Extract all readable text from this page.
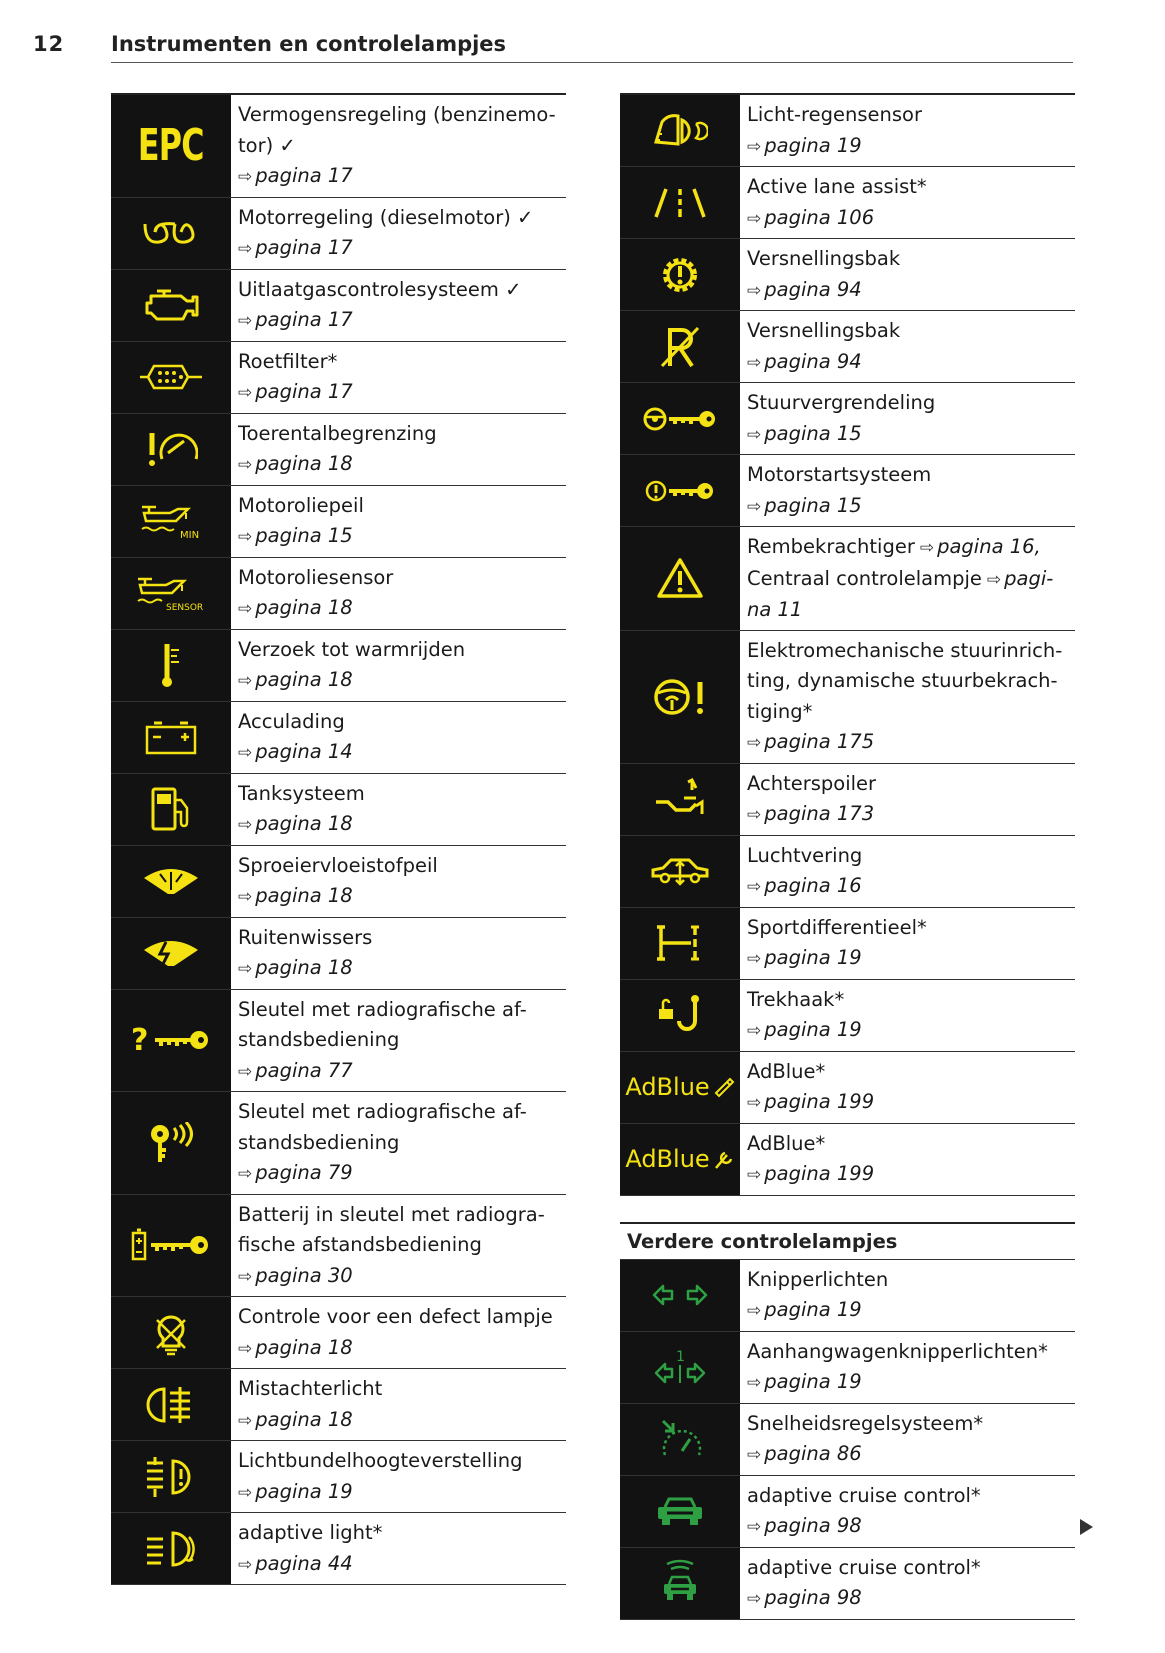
12 Instrumenten en controlelampjes
EPC
Vermogensregeling (benzinemo-
tor) ✓
⇨ pagina 17
Motorregeling (dieselmotor) ✓
⇨ pagina 17
Uitlaatgascontrolesysteem ✓
⇨ pagina 17
Roetfilter*
⇨ pagina 17
Toerentalbegrenzing
⇨ pagina 18
MIN
Motoroliepeil
⇨ pagina 15
SENSOR
Motoroliesensor
⇨ pagina 18
Verzoek tot warmrijden
⇨ pagina 18
Acculading
⇨ pagina 14
Tanksysteem
⇨ pagina 18
Sproeiervloeistofpeil
⇨ pagina 18
Ruitenwissers
⇨ pagina 18
?
Sleutel met radiografische af-
standsbediening
⇨ pagina 77
Sleutel met radiografische af-
standsbediening
⇨ pagina 79
Batterij in sleutel met radiogra-
fische afstandsbediening
⇨ pagina 30
Controle voor een defect lampje
⇨ pagina 18
Mistachterlicht
⇨ pagina 18
Lichtbundelhoogteverstelling
⇨ pagina 19
adaptive light*
⇨ pagina 44
Licht-regensensor
⇨ pagina 19
Active lane assist*
⇨ pagina 106
Versnellingsbak
⇨ pagina 94
Versnellingsbak
⇨ pagina 94
Stuurvergrendeling
⇨ pagina 15
Motorstartsysteem
⇨ pagina 15
Rembekrachtiger ⇨ pagina 16,
Centraal controlelampje ⇨ pagi-
na 11
Elektromechanische stuurinrich-
ting, dynamische stuurbekrach-
tiging*
⇨ pagina 175
Achterspoiler
⇨ pagina 173
Luchtvering
⇨ pagina 16
Sportdifferentieel*
⇨ pagina 19
Trekhaak*
⇨ pagina 19
AdBlue
AdBlue*
⇨ pagina 199
AdBlue
AdBlue*
⇨ pagina 199
Verdere controlelampjes
Knipperlichten
⇨ pagina 19
1	Aanhangwagenknipperlichten*
⇨ pagina 19
Snelheidsregelsysteem*
⇨ pagina 86
adaptive cruise control*
⇨ pagina 98
adaptive cruise control*
⇨ pagina 98
